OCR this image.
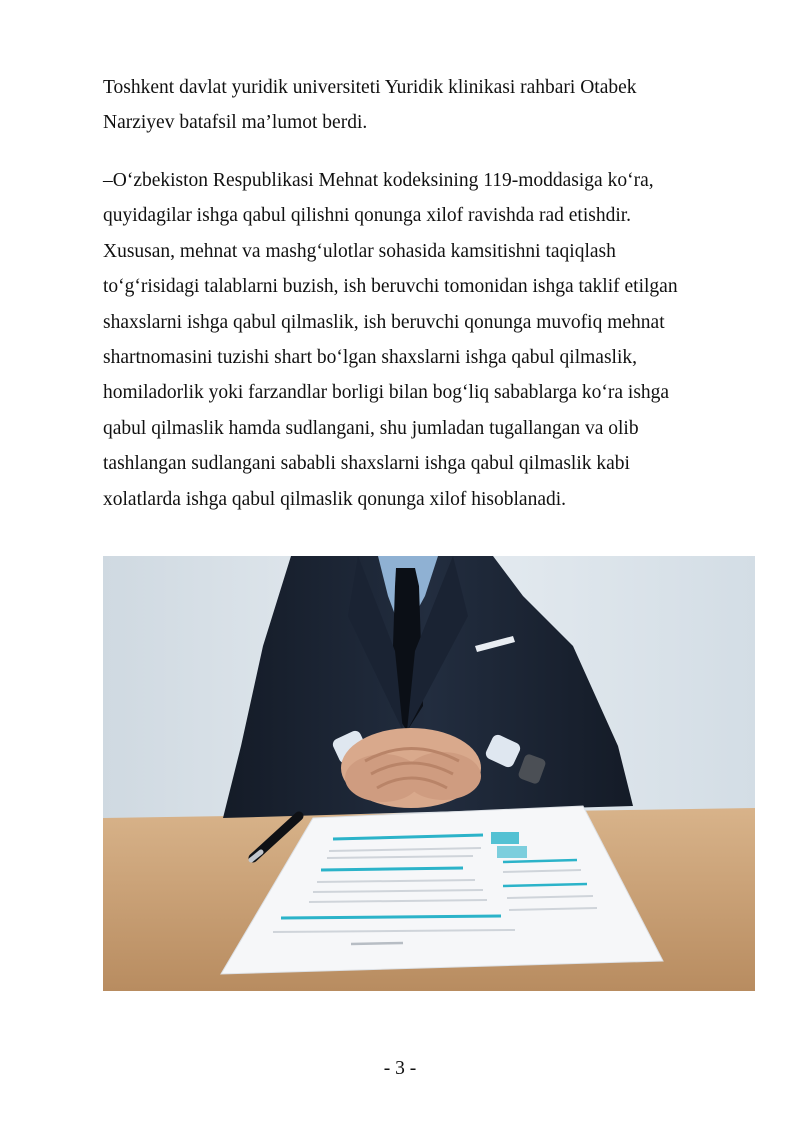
Toshkent davlat yuridik universiteti Yuridik klinikasi rahbari Otabek
Narziyev batafsil ma’lumot berdi.

–O‘zbekiston Respublikasi Mehnat kodeksining 119-moddasiga ko‘ra,
quyidagilar ishga qabul qilishni qonunga xilof ravishda rad etishdir.
Xususan, mehnat va mashg‘ulotlar sohasida kamsitishni taqiqlash
to‘g‘risidagi talablarni buzish, ish beruvchi tomonidan ishga taklif etilgan
shaxslarni ishga qabul qilmaslik, ish beruvchi qonunga muvofiq mehnat
shartnomasini tuzishi shart bo‘lgan shaxslarni ishga qabul qilmaslik,
homiladorlik yoki farzandlar borligi bilan bog‘liq sabablarga ko‘ra ishga
qabul qilmaslik hamda sudlangani, shu jumladan tugallangan va olib
tashlangan sudlangani sababli shaxslarni ishga qabul qilmaslik kabi
xolatlarda ishga qabul qilmaslik qonunga xilof hisoblanadi.

- 3 -
